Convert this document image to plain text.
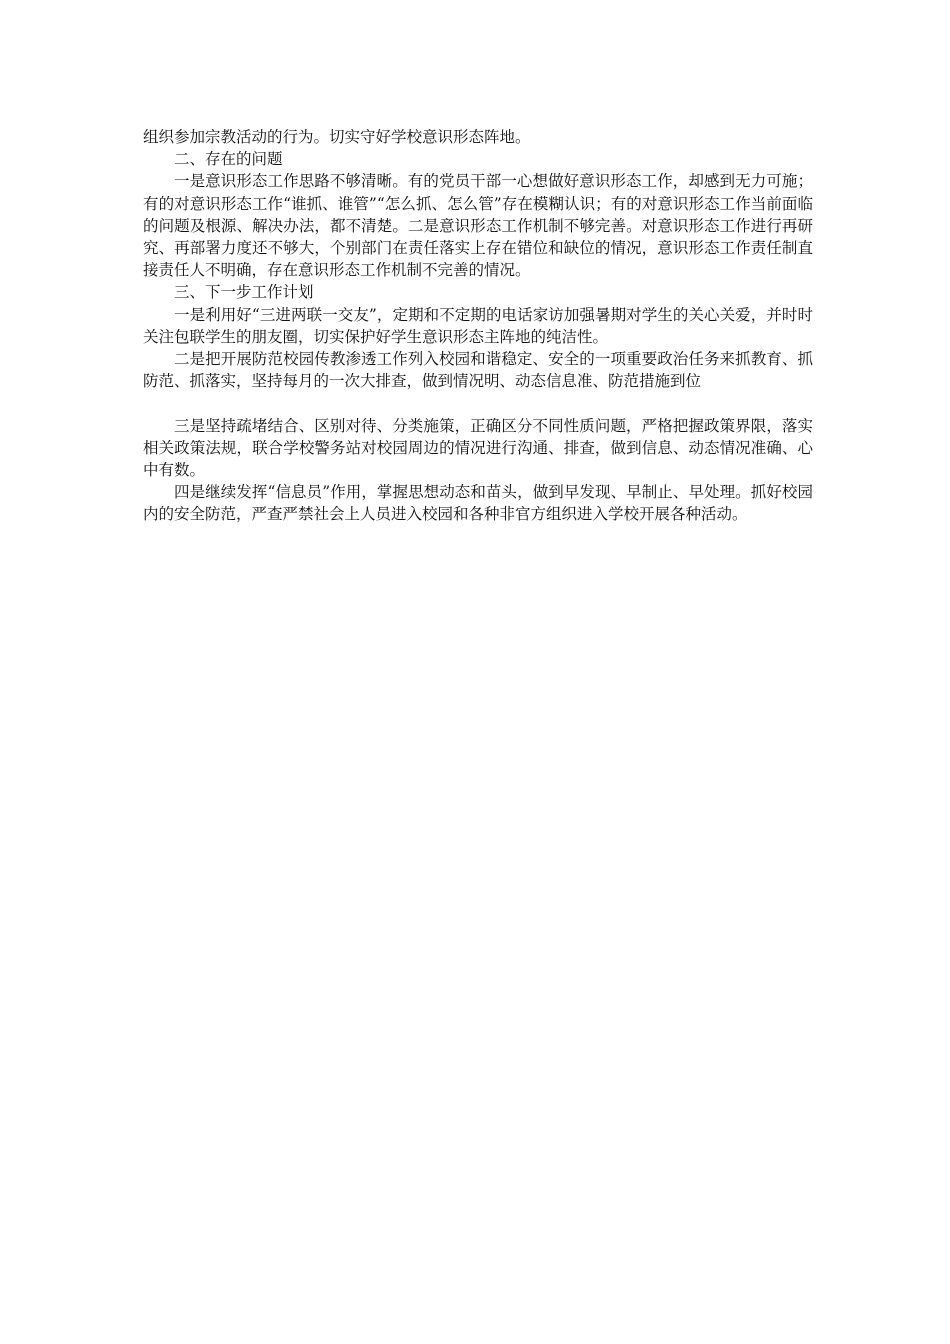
组织参加宗教活动的行为。切实守好学校意识形态阵地。

二、存在的问题

一是意识形态工作思路不够清晰。有的党员干部一心想做好意识形态工作，却感到无力可施；有的对意识形态工作“谁抓、谁管”“怎么抓、怎么管”存在模糊认识；有的对意识形态工作当前面临的问题及根源、解决办法，都不清楚。二是意识形态工作机制不够完善。对意识形态工作进行再研究、再部署力度还不够大，个别部门在责任落实上存在错位和缺位的情况，意识形态工作责任制直接责任人不明确，存在意识形态工作机制不完善的情况。

三、下一步工作计划

一是利用好“三进两联一交友”，定期和不定期的电话家访加强暑期对学生的关心关爱，并时时关注包联学生的朋友圈，切实保护好学生意识形态主阵地的纯洁性。

二是把开展防范校园传教渗透工作列入校园和谐稳定、安全的一项重要政治任务来抓教育、抓防范、抓落实，坚持每月的一次大排查，做到情况明、动态信息准、防范措施到位

三是坚持疏堵结合、区别对待、分类施策，正确区分不同性质问题，严格把握政策界限，落实相关政策法规，联合学校警务站对校园周边的情况进行沟通、排查，做到信息、动态情况准确、心中有数。

四是继续发挥“信息员”作用，掌握思想动态和苗头，做到早发现、早制止、早处理。抓好校园内的安全防范，严查严禁社会上人员进入校园和各种非官方组织进入学校开展各种活动。
